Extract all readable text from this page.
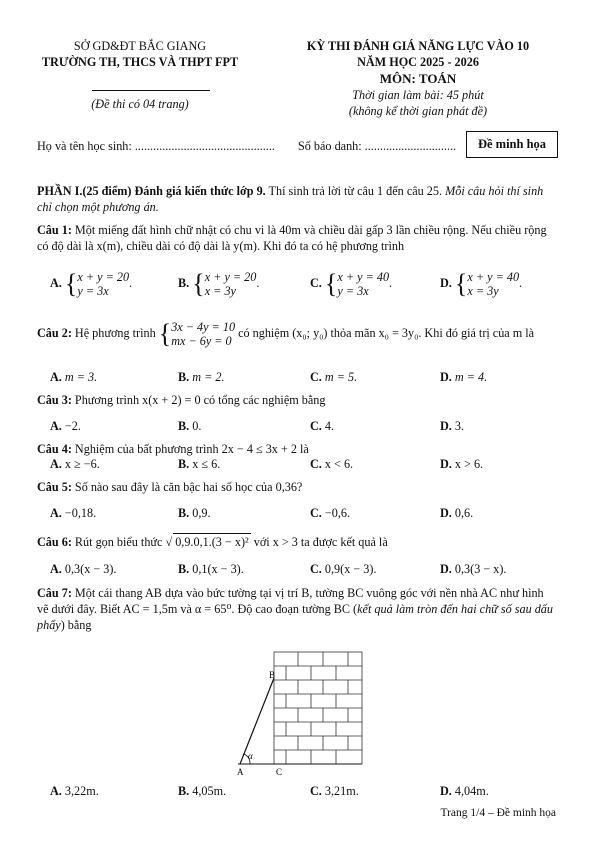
SỞ GD&ĐT BẮC GIANG
TRƯỜNG TH, THCS VÀ THPT FPT
(Đề thi có 04 trang)
KỲ THI ĐÁNH GIÁ NĂNG LỰC VÀO 10
NĂM HỌC 2025 - 2026
MÔN: TOÁN
Thời gian làm bài: 45 phút
(không kể thời gian phát đề)
Họ và tên học sinh: .............................................. Số báo danh: ..............................	Đề minh họa
PHẦN I.(25 điểm) Đánh giá kiến thức lớp 9. Thí sinh trả lời từ câu 1 đến câu 25. Mỗi câu hỏi thí sinh chỉ chọn một phương án.
Câu 1: Một miếng đất hình chữ nhật có chu vi là 40m và chiều dài gấp 3 lần chiều rộng. Nếu chiều rộng có độ dài là x(m), chiều dài có độ dài là y(m). Khi đó ta có hệ phương trình
A. {x + y = 20
y = 3x.	B. {x + y = 20
x = 3y.	C. {x + y = 40
y = 3x.	D. {x + y = 40
x = 3y.
Câu 2: Hệ phương trình {3x − 4y = 10
mx − 6y = 0 có nghiệm (x₀; y₀) thỏa mãn x₀ = 3y₀. Khi đó giá trị của m là
A. m = 3.	B. m = 2.	C. m = 5.	D. m = 4.
Câu 3: Phương trình x(x + 2) = 0 có tổng các nghiệm bằng
A. −2.	B. 0.	C. 4.	D. 3.
Câu 4: Nghiệm của bất phương trình 2x − 4 ≤ 3x + 2 là
A. x ≥ −6.	B. x ≤ 6.	C. x < 6.	D. x > 6.
Câu 5: Số nào sau đây là căn bậc hai số học của 0,36?
A. −0,18.	B. 0,9.	C. −0,6.	D. 0,6.
Câu 6: Rút gọn biểu thức √ 0,9.0,1.(3 − x)² với x > 3 ta được kết quả là
A. 0,3(x − 3).	B. 0,1(x − 3).	C. 0,9(x − 3).	D. 0,3(3 − x).
Câu 7: Một cái thang AB dựa vào bức tường tại vị trí B, tường BC vuông góc với nền nhà AC như hình vẽ dưới đây. Biết AC = 1,5m và α = 65⁰. Độ cao đoạn tường BC (kết quả làm tròn đến hai chữ số sau dấu phẩy) bằng
B
A	C
α
A. 3,22m.	B. 4,05m.	C. 3,21m.	D. 4,04m.
Trang 1/4 – Đề minh họa
